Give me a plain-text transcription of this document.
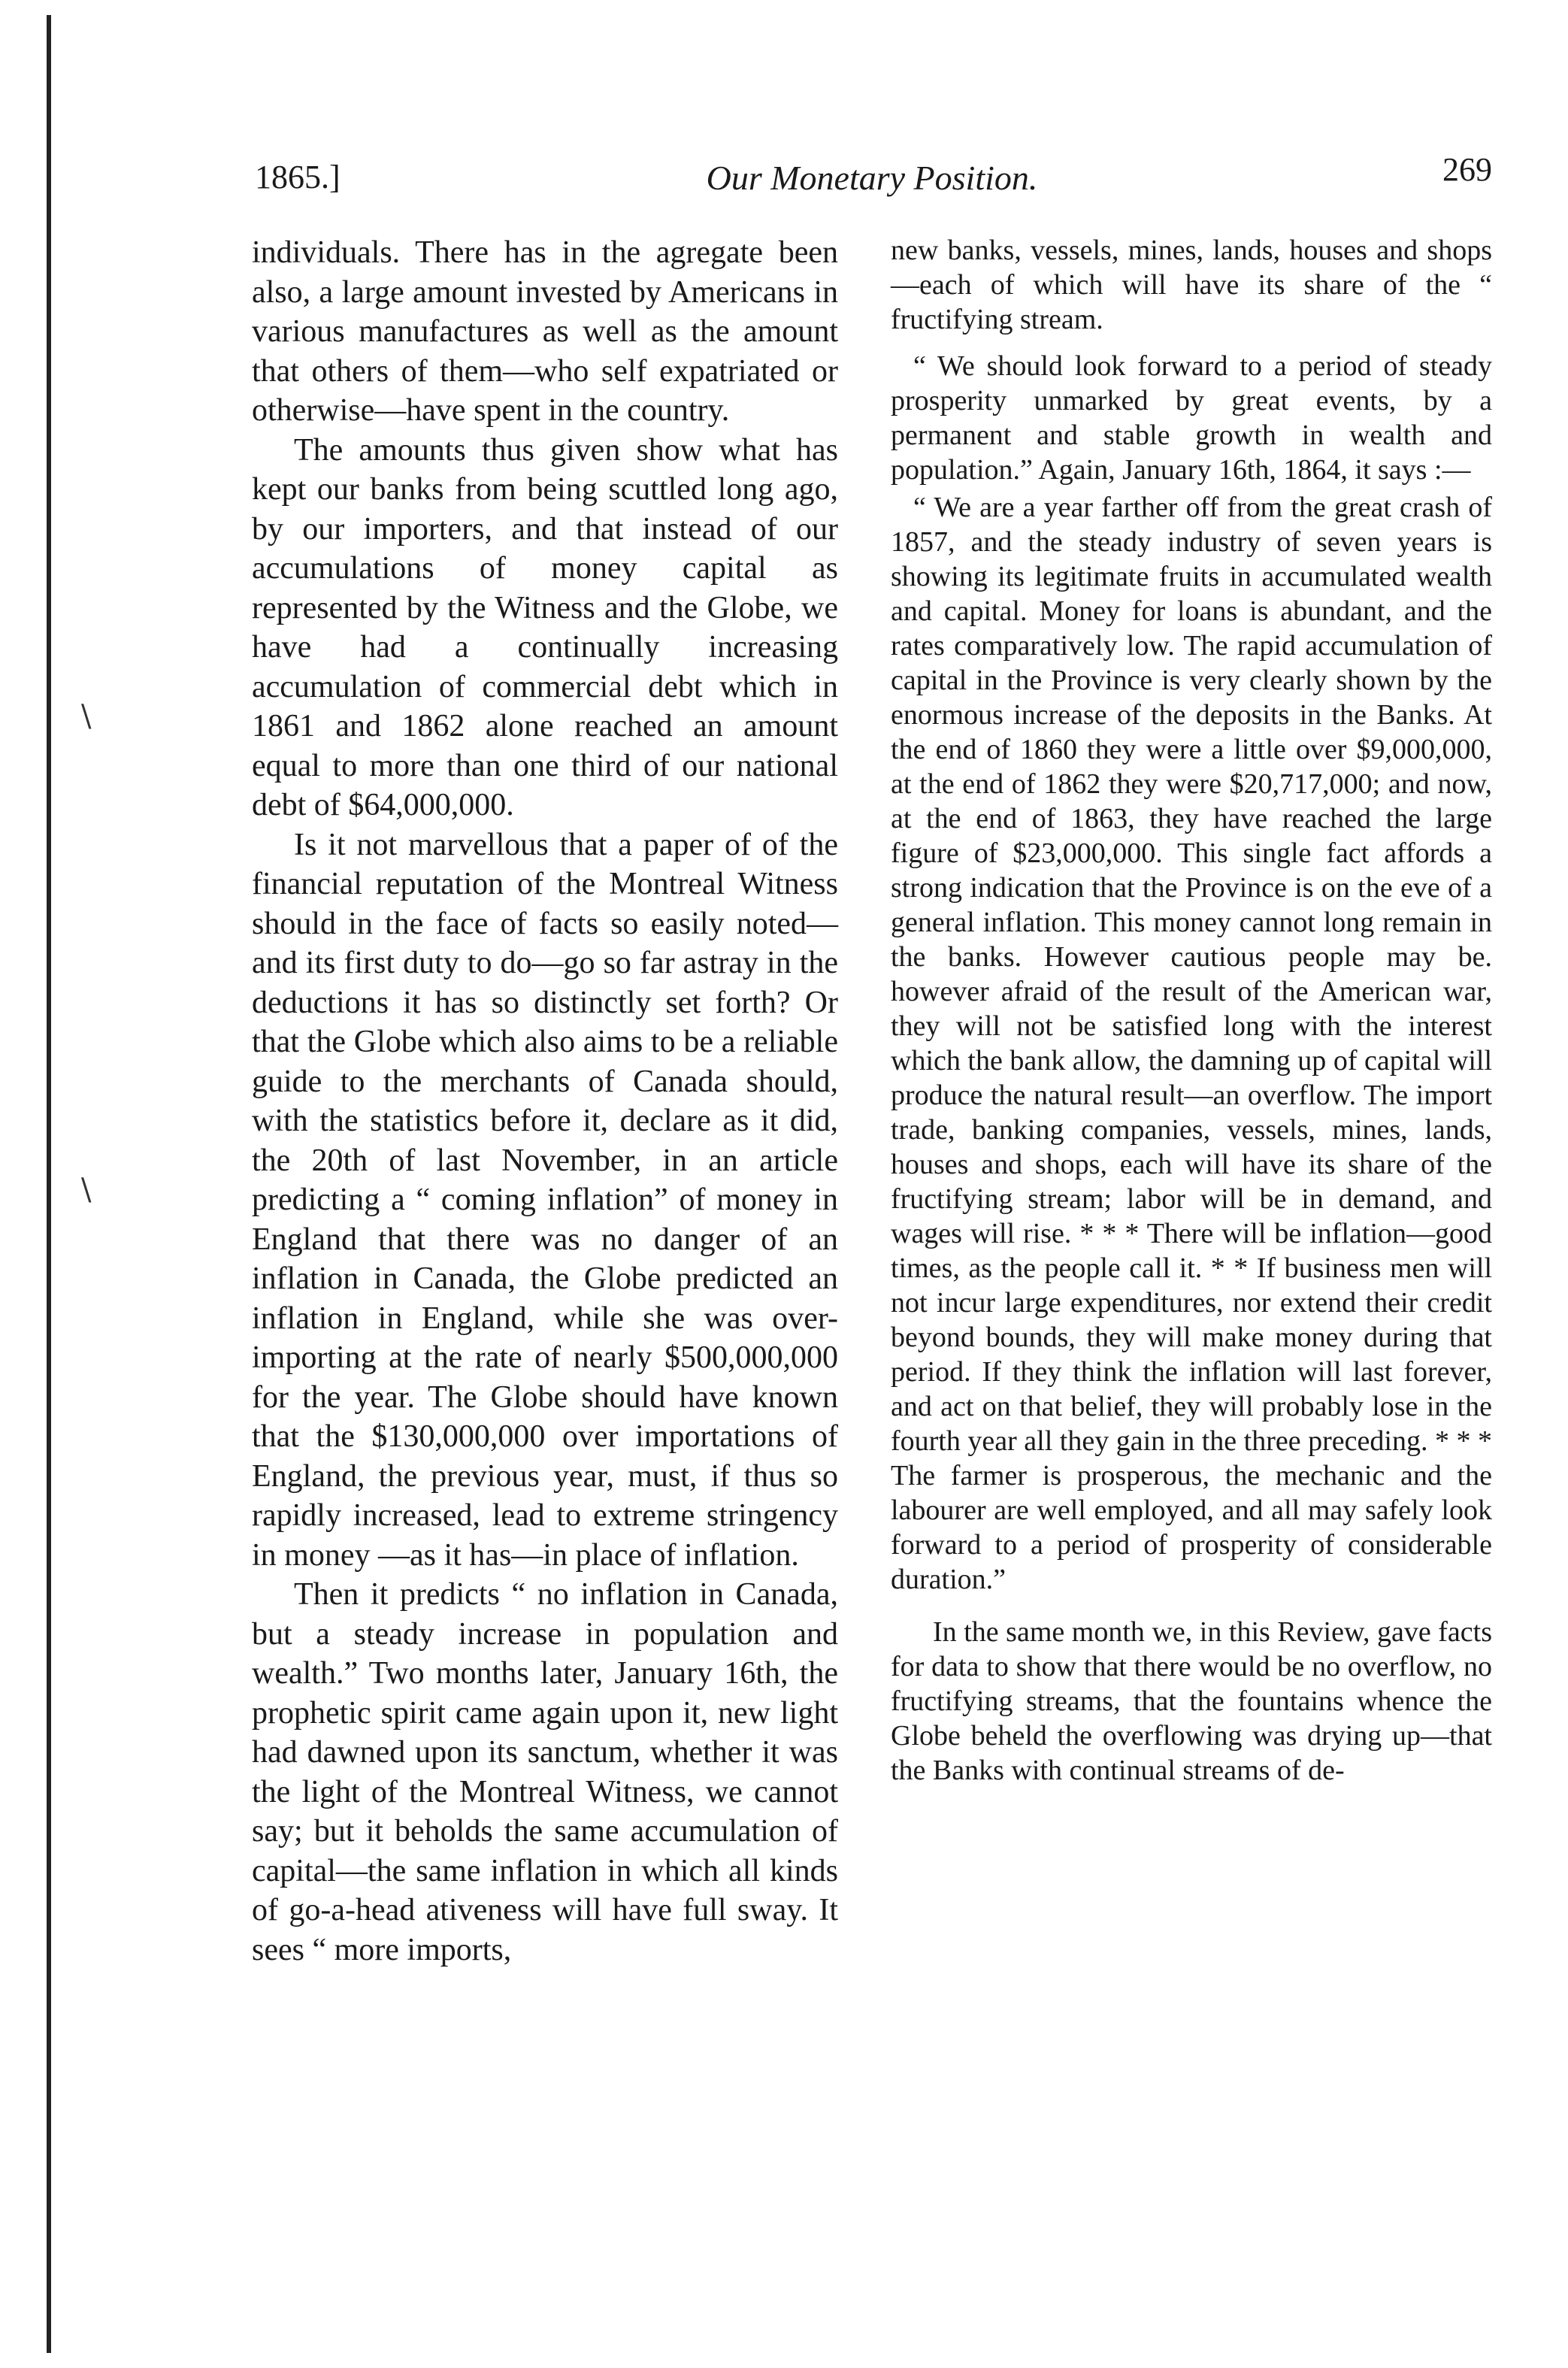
\
\
1865.]	Our Monetary Position.	269

individuals. There has in the agregate been also, a large amount invested by Americans in various manufactures as well as the amount that others of them—who self expatriated or otherwise—have spent in the country.

The amounts thus given show what has kept our banks from being scuttled long ago, by our importers, and that instead of our accumulations of money capital as represented by the Witness and the Globe, we have had a continually increasing accumulation of commercial debt which in 1861 and 1862 alone reached an amount equal to more than one third of our national debt of $64,000,000.

Is it not marvellous that a paper of of the financial reputation of the Montreal Witness should in the face of facts so easily noted—and its first duty to do—go so far astray in the deductions it has so distinctly set forth? Or that the Globe which also aims to be a reliable guide to the merchants of Canada should, with the statistics before it, declare as it did, the 20th of last November, in an article predicting a “ coming inflation” of money in England that there was no danger of an inflation in Canada, the Globe predicted an inflation in England, while she was over-importing at the rate of nearly $500,000,000 for the year. The Globe should have known that the $130,000,000 over importations of England, the previous year, must, if thus so rapidly increased, lead to extreme stringency in money —as it has—in place of inflation.

Then it predicts “ no inflation in Canada, but a steady increase in population and wealth.” Two months later, January 16th, the prophetic spirit came again upon it, new light had dawned upon its sanctum, whether it was the light of the Montreal Witness, we cannot say; but it beholds the same accumulation of capital—the same inflation in which all kinds of go-a-head ativeness will have full sway. It sees “ more imports,

new banks, vessels, mines, lands, houses and shops—each of which will have its share of the “ fructifying stream.

“ We should look forward to a period of steady prosperity unmarked by great events, by a permanent and stable growth in wealth and population.” Again, January 16th, 1864, it says :—

“ We are a year farther off from the great crash of 1857, and the steady industry of seven years is showing its legitimate fruits in accumulated wealth and capital. Money for loans is abundant, and the rates comparatively low. The rapid accumulation of capital in the Province is very clearly shown by the enormous increase of the deposits in the Banks. At the end of 1860 they were a little over $9,000,000, at the end of 1862 they were $20,717,000; and now, at the end of 1863, they have reached the large figure of $23,000,000. This single fact affords a strong indication that the Province is on the eve of a general inflation. This money cannot long remain in the banks. However cautious people may be. however afraid of the result of the American war, they will not be satisfied long with the interest which the bank allow, the damning up of capital will produce the natural result—an overflow. The import trade, banking companies, vessels, mines, lands, houses and shops, each will have its share of the fructifying stream; labor will be in demand, and wages will rise. * * * There will be inflation—good times, as the people call it. * * If business men will not incur large expenditures, nor extend their credit beyond bounds, they will make money during that period. If they think the inflation will last forever, and act on that belief, they will probably lose in the fourth year all they gain in the three preceding. * * * The farmer is prosperous, the mechanic and the labourer are well employed, and all may safely look forward to a period of prosperity of considerable duration.”

In the same month we, in this Review, gave facts for data to show that there would be no overflow, no fructifying streams, that the fountains whence the Globe beheld the overflowing was drying up—that the Banks with continual streams of de-
